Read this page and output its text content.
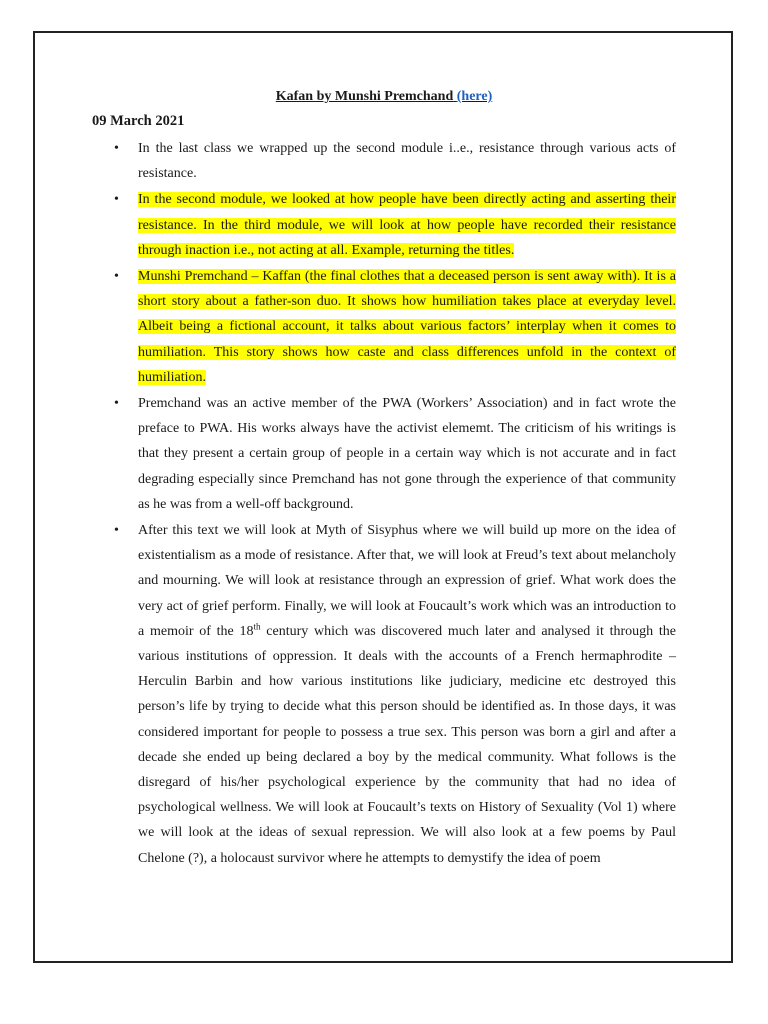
Kafan by Munshi Premchand (here)
09 March 2021
• In the last class we wrapped up the second module i..e., resistance through various acts of resistance.
• In the second module, we looked at how people have been directly acting and asserting their resistance. In the third module, we will look at how people have recorded their resistance through inaction i.e., not acting at all. Example, returning the titles.
• Munshi Premchand – Kaffan (the final clothes that a deceased person is sent away with). It is a short story about a father-son duo. It shows how humiliation takes place at everyday level. Albeit being a fictional account, it talks about various factors’ interplay when it comes to humiliation. This story shows how caste and class differences unfold in the context of humiliation.
• Premchand was an active member of the PWA (Workers’ Association) and in fact wrote the preface to PWA. His works always have the activist elememt. The criticism of his writings is that they present a certain group of people in a certain way which is not accurate and in fact degrading especially since Premchand has not gone through the experience of that community as he was from a well-off background.
• After this text we will look at Myth of Sisyphus where we will build up more on the idea of existentialism as a mode of resistance. After that, we will look at Freud’s text about melancholy and mourning. We will look at resistance through an expression of grief. What work does the very act of grief perform. Finally, we will look at Foucault’s work which was an introduction to a memoir of the 18th century which was discovered much later and analysed it through the various institutions of oppression. It deals with the accounts of a French hermaphrodite – Herculin Barbin and how various institutions like judiciary, medicine etc destroyed this person’s life by trying to decide what this person should be identified as. In those days, it was considered important for people to possess a true sex. This person was born a girl and after a decade she ended up being declared a boy by the medical community. What follows is the disregard of his/her psychological experience by the community that had no idea of psychological wellness. We will look at Foucault’s texts on History of Sexuality (Vol 1) where we will look at the ideas of sexual repression. We will also look at a few poems by Paul Chelone (?), a holocaust survivor where he attempts to demystify the idea of poem
